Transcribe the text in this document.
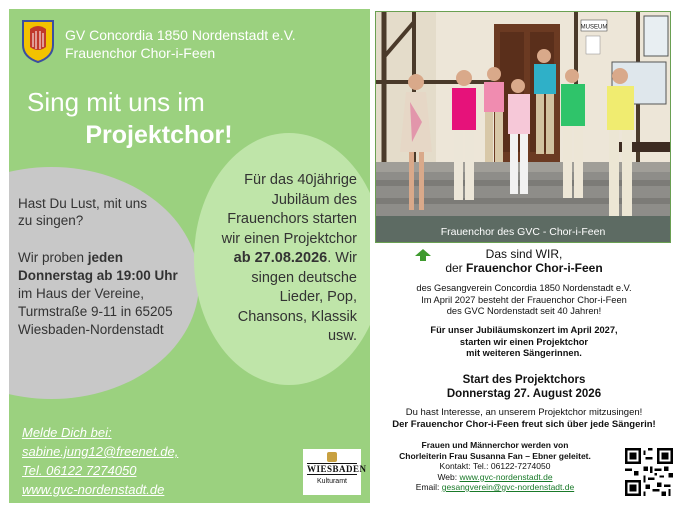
GV Concordia 1850 Nordenstadt e.V.
Frauenchor Chor-i-Feen
Sing mit uns im
Projektchor!
Hast Du Lust, mit uns zu singen?
Wir proben jeden Donnerstag ab 19:00 Uhr im Haus der Vereine, Turmstraße 9-11 in 65205 Wiesbaden-Nordenstadt
Für das 40jährige Jubiläum des Frauenchors starten wir einen Projektchor ab 27.08.2026. Wir singen deutsche Lieder, Pop, Chansons, Klassik usw.
Melde Dich bei:
sabine.jung12@freenet.de,
Tel. 06122 7274050
www.gvc-nordenstadt.de
WIESBADEN
Kulturamt
MUSEUM
Frauenchor des GVC - Chor-i-Feen
Das sind WIR,
der Frauenchor Chor-i-Feen
des Gesangverein Concordia 1850 Nordenstadt e.V.
Im April 2027 besteht der Frauenchor Chor-i-Feen
des GVC Nordenstadt seit 40 Jahren!
Für unser Jubiläumskonzert im April 2027,
starten wir einen Projektchor
mit weiteren Sängerinnen.
Start des Projektchors
Donnerstag 27. August 2026
Du hast Interesse, an unserem Projektchor mitzusingen!
Der Frauenchor Chor-i-Feen freut sich über jede Sängerin!
Frauen und Männerchor werden von
Chorleiterin Frau Susanna Fan – Ebner geleitet.
Kontakt: Tel.: 06122-7274050
Web: www.gvc-nordenstadt.de
Email: gesangverein@gvc-nordenstadt.de
